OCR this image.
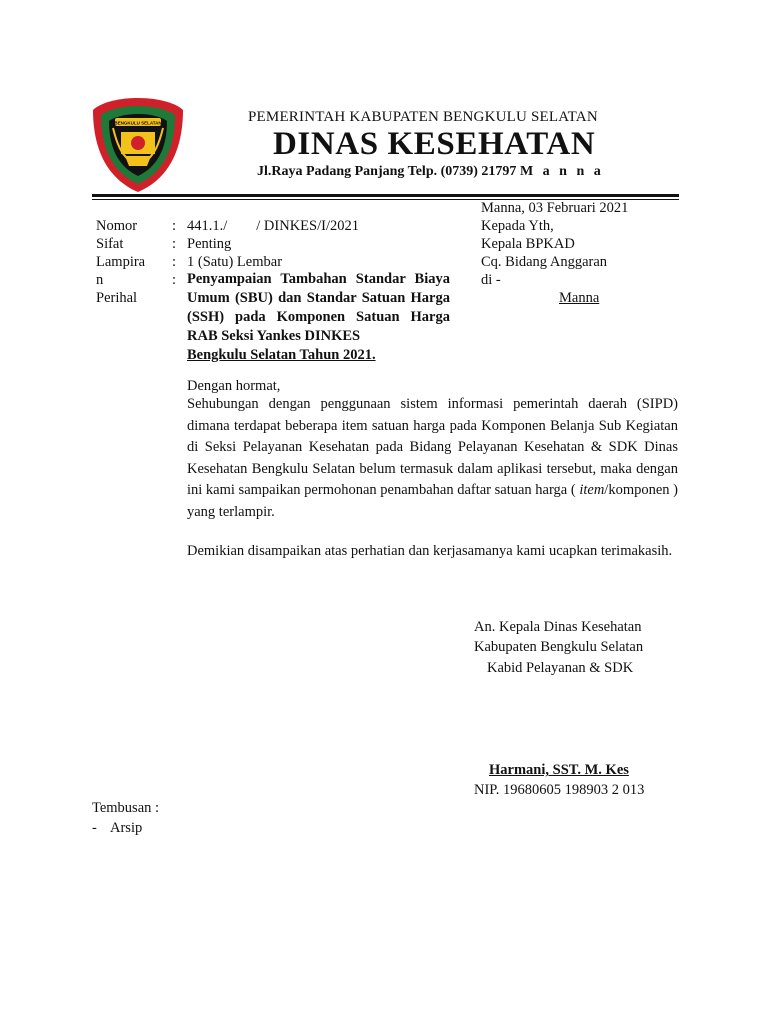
BENGKULU SELATAN	PEMERINTAH KABUPATEN BENGKULU SELATAN
DINAS KESEHATAN
Jl.Raya Padang Panjang Telp. (0739) 21797 M a n n a
Manna, 03 Februari 2021
Nomor : 441.1./        / DINKES/I/2021
Sifat	: Penting
Lampira
n
: 1 (Satu) Lembar
:
Perihal
Penyampaian Tambahan Standar Biaya Umum (SBU) dan Standar Satuan Harga (SSH) pada Komponen Satuan Harga RAB Seksi Yankes DINKES
Bengkulu Selatan Tahun 2021.
Kepada Yth,
Kepala BPKAD
Cq. Bidang Anggaran
di -
Manna
Dengan hormat,
Sehubungan dengan penggunaan sistem informasi pemerintah daerah (SIPD) dimana terdapat beberapa item satuan harga pada Komponen Belanja Sub Kegiatan di Seksi Pelayanan Kesehatan pada Bidang Pelayanan Kesehatan & SDK Dinas Kesehatan Bengkulu Selatan belum termasuk dalam aplikasi tersebut, maka dengan ini kami sampaikan permohonan penambahan daftar satuan harga ( item/komponen ) yang terlampir.
Demikian disampaikan atas perhatian dan kerjasamanya kami ucapkan terimakasih.
An. Kepala Dinas Kesehatan
Kabupaten Bengkulu Selatan
Kabid Pelayanan & SDK
Harmani, SST. M. Kes
NIP. 19680605 198903 2 013
Tembusan :
- Arsip
